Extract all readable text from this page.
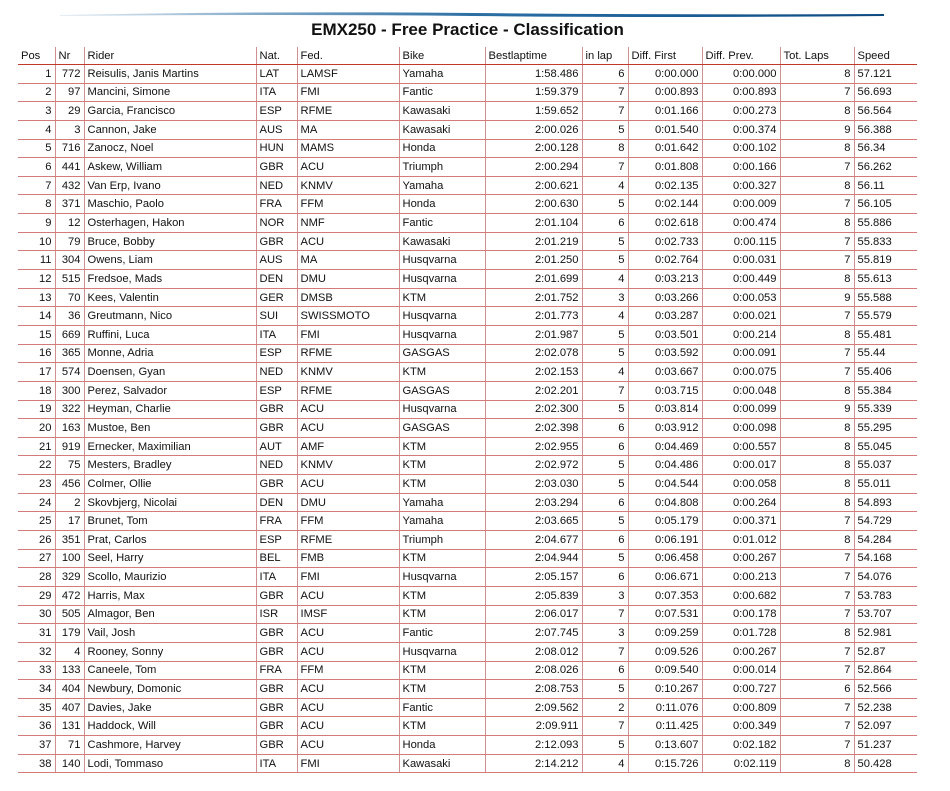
EMX250 - Free Practice - Classification
Pos	Nr	Rider	Nat.	Fed.	Bike	Bestlaptime	in lap	Diff. First	Diff. Prev.	Tot. Laps	Speed
1	772	Reisulis, Janis Martins	LAT	LAMSF	Yamaha	1:58.486	6	0:00.000	0:00.000	8	57.121
2	97	Mancini, Simone	ITA	FMI	Fantic	1:59.379	7	0:00.893	0:00.893	7	56.693
3	29	Garcia, Francisco	ESP	RFME	Kawasaki	1:59.652	7	0:01.166	0:00.273	8	56.564
4	3	Cannon, Jake	AUS	MA	Kawasaki	2:00.026	5	0:01.540	0:00.374	9	56.388
5	716	Zanocz, Noel	HUN	MAMS	Honda	2:00.128	8	0:01.642	0:00.102	8	56.34
6	441	Askew, William	GBR	ACU	Triumph	2:00.294	7	0:01.808	0:00.166	7	56.262
7	432	Van Erp, Ivano	NED	KNMV	Yamaha	2:00.621	4	0:02.135	0:00.327	8	56.11
8	371	Maschio, Paolo	FRA	FFM	Honda	2:00.630	5	0:02.144	0:00.009	7	56.105
9	12	Osterhagen, Hakon	NOR	NMF	Fantic	2:01.104	6	0:02.618	0:00.474	8	55.886
10	79	Bruce, Bobby	GBR	ACU	Kawasaki	2:01.219	5	0:02.733	0:00.115	7	55.833
11	304	Owens, Liam	AUS	MA	Husqvarna	2:01.250	5	0:02.764	0:00.031	7	55.819
12	515	Fredsoe, Mads	DEN	DMU	Husqvarna	2:01.699	4	0:03.213	0:00.449	8	55.613
13	70	Kees, Valentin	GER	DMSB	KTM	2:01.752	3	0:03.266	0:00.053	9	55.588
14	36	Greutmann, Nico	SUI	SWISSMOTO	Husqvarna	2:01.773	4	0:03.287	0:00.021	7	55.579
15	669	Ruffini, Luca	ITA	FMI	Husqvarna	2:01.987	5	0:03.501	0:00.214	8	55.481
16	365	Monne, Adria	ESP	RFME	GASGAS	2:02.078	5	0:03.592	0:00.091	7	55.44
17	574	Doensen, Gyan	NED	KNMV	KTM	2:02.153	4	0:03.667	0:00.075	7	55.406
18	300	Perez, Salvador	ESP	RFME	GASGAS	2:02.201	7	0:03.715	0:00.048	8	55.384
19	322	Heyman, Charlie	GBR	ACU	Husqvarna	2:02.300	5	0:03.814	0:00.099	9	55.339
20	163	Mustoe, Ben	GBR	ACU	GASGAS	2:02.398	6	0:03.912	0:00.098	8	55.295
21	919	Ernecker, Maximilian	AUT	AMF	KTM	2:02.955	6	0:04.469	0:00.557	8	55.045
22	75	Mesters, Bradley	NED	KNMV	KTM	2:02.972	5	0:04.486	0:00.017	8	55.037
23	456	Colmer, Ollie	GBR	ACU	KTM	2:03.030	5	0:04.544	0:00.058	8	55.011
24	2	Skovbjerg, Nicolai	DEN	DMU	Yamaha	2:03.294	6	0:04.808	0:00.264	8	54.893
25	17	Brunet, Tom	FRA	FFM	Yamaha	2:03.665	5	0:05.179	0:00.371	7	54.729
26	351	Prat, Carlos	ESP	RFME	Triumph	2:04.677	6	0:06.191	0:01.012	8	54.284
27	100	Seel, Harry	BEL	FMB	KTM	2:04.944	5	0:06.458	0:00.267	7	54.168
28	329	Scollo, Maurizio	ITA	FMI	Husqvarna	2:05.157	6	0:06.671	0:00.213	7	54.076
29	472	Harris, Max	GBR	ACU	KTM	2:05.839	3	0:07.353	0:00.682	7	53.783
30	505	Almagor, Ben	ISR	IMSF	KTM	2:06.017	7	0:07.531	0:00.178	7	53.707
31	179	Vail, Josh	GBR	ACU	Fantic	2:07.745	3	0:09.259	0:01.728	8	52.981
32	4	Rooney, Sonny	GBR	ACU	Husqvarna	2:08.012	7	0:09.526	0:00.267	7	52.87
33	133	Caneele, Tom	FRA	FFM	KTM	2:08.026	6	0:09.540	0:00.014	7	52.864
34	404	Newbury, Domonic	GBR	ACU	KTM	2:08.753	5	0:10.267	0:00.727	6	52.566
35	407	Davies, Jake	GBR	ACU	Fantic	2:09.562	2	0:11.076	0:00.809	7	52.238
36	131	Haddock, Will	GBR	ACU	KTM	2:09.911	7	0:11.425	0:00.349	7	52.097
37	71	Cashmore, Harvey	GBR	ACU	Honda	2:12.093	5	0:13.607	0:02.182	7	51.237
38	140	Lodi, Tommaso	ITA	FMI	Kawasaki	2:14.212	4	0:15.726	0:02.119	8	50.428
